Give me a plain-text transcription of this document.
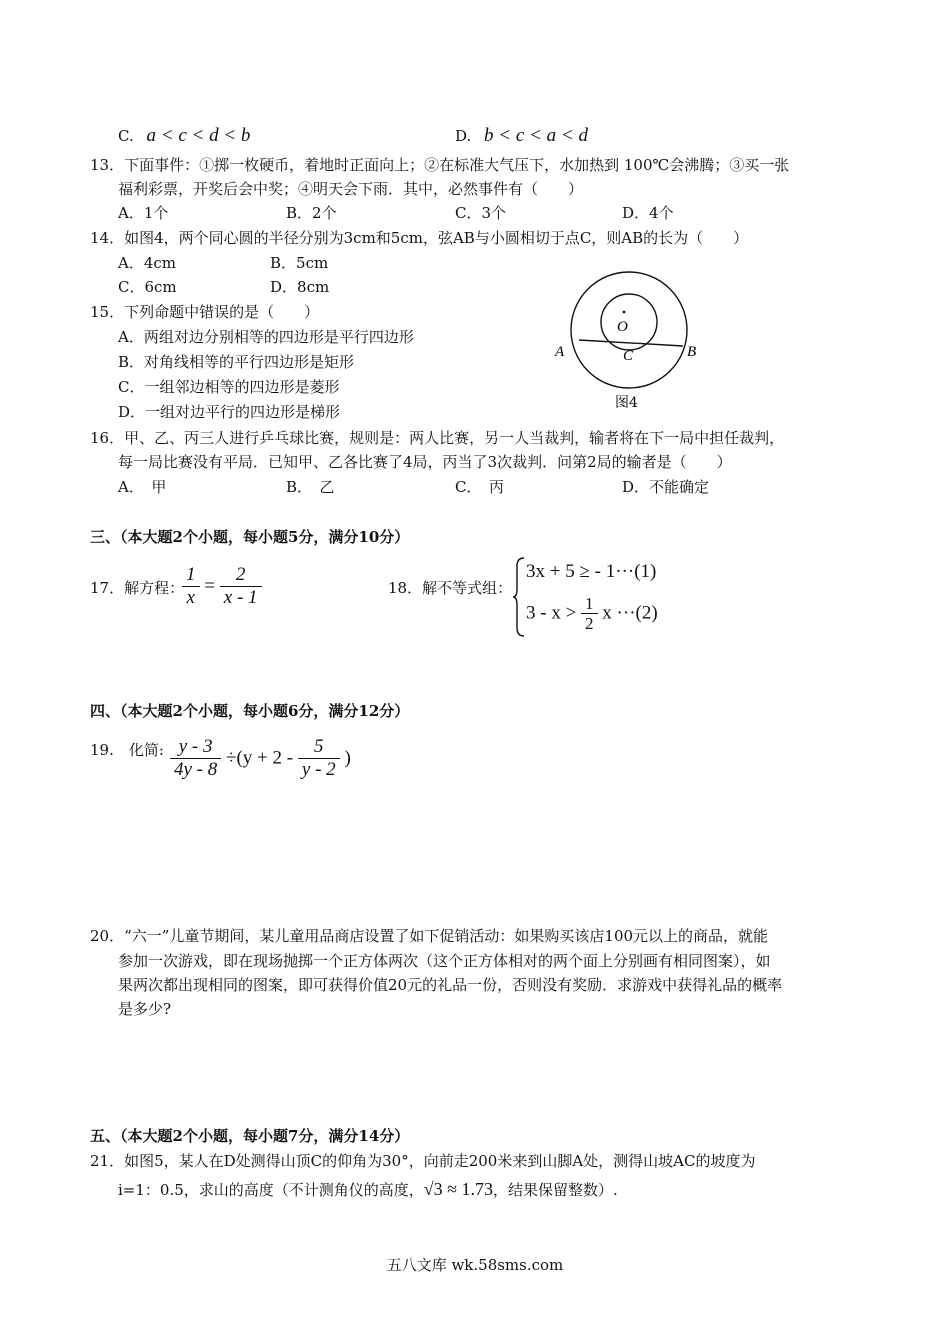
C. a < c < d < b	D. b < c < a < d
13．下面事件：①掷一枚硬币，着地时正面向上；②在标准大气压下，水加热到 100℃会沸腾；③买一张
福利彩票，开奖后会中奖；④明天会下雨．其中，必然事件有（　　）
A．1个	B．2个	C．3个	D．4个
14．如图4，两个同心圆的半径分别为3cm和5cm，弦AB与小圆相切于点C，则AB的长为（　　）
A．4cm	B．5cm
C．6cm	D．8cm
O
A	C	B
图4
15．下列命题中错误的是（　　）
A．两组对边分别相等的四边形是平行四边形
B．对角线相等的平行四边形是矩形
C．一组邻边相等的四边形是菱形
D．一组对边平行的四边形是梯形
16．甲、乙、丙三人进行乒乓球比赛，规则是：两人比赛，另一人当裁判，输者将在下一局中担任裁判，
每一局比赛没有平局．已知甲、乙各比赛了4局，丙当了3次裁判．问第2局的输者是（　　）
A．　甲	B．　乙	C．　丙	D．不能确定
三、（本大题2个小题，每小题5分，满分10分）
17．解方程：
$\frac{1}{x} = \frac{2}{x - 1}$	18．解不等式组：
3x + 5 ≥ - 1···(1)
$3 - x > \frac{1}{2}$ x ···(2)
四、（本大题2个小题，每小题6分，满分12分）
19.　化简: $\frac{y - 3}{4y - 8} \div(y + 2 - \frac{5}{y - 2}$ )
20．“六一”儿童节期间，某儿童用品商店设置了如下促销活动：如果购买该店100元以上的商品，就能
参加一次游戏，即在现场抛掷一个正方体两次（这个正方体相对的两个面上分别画有相同图案），如
果两次都出现相同的图案，即可获得价值20元的礼品一份，否则没有奖励．求游戏中获得礼品的概率
是多少?
五、（本大题2个小题，每小题7分，满分14分）
21．如图5，某人在D处测得山顶C的仰角为30°，向前走200米来到山脚A处，测得山坡AC的坡度为
i=1：0.5，求山的高度（不计测角仪的高度，√3 ≈ 1.73，结果保留整数）.
五八文库 wk.58sms.com
